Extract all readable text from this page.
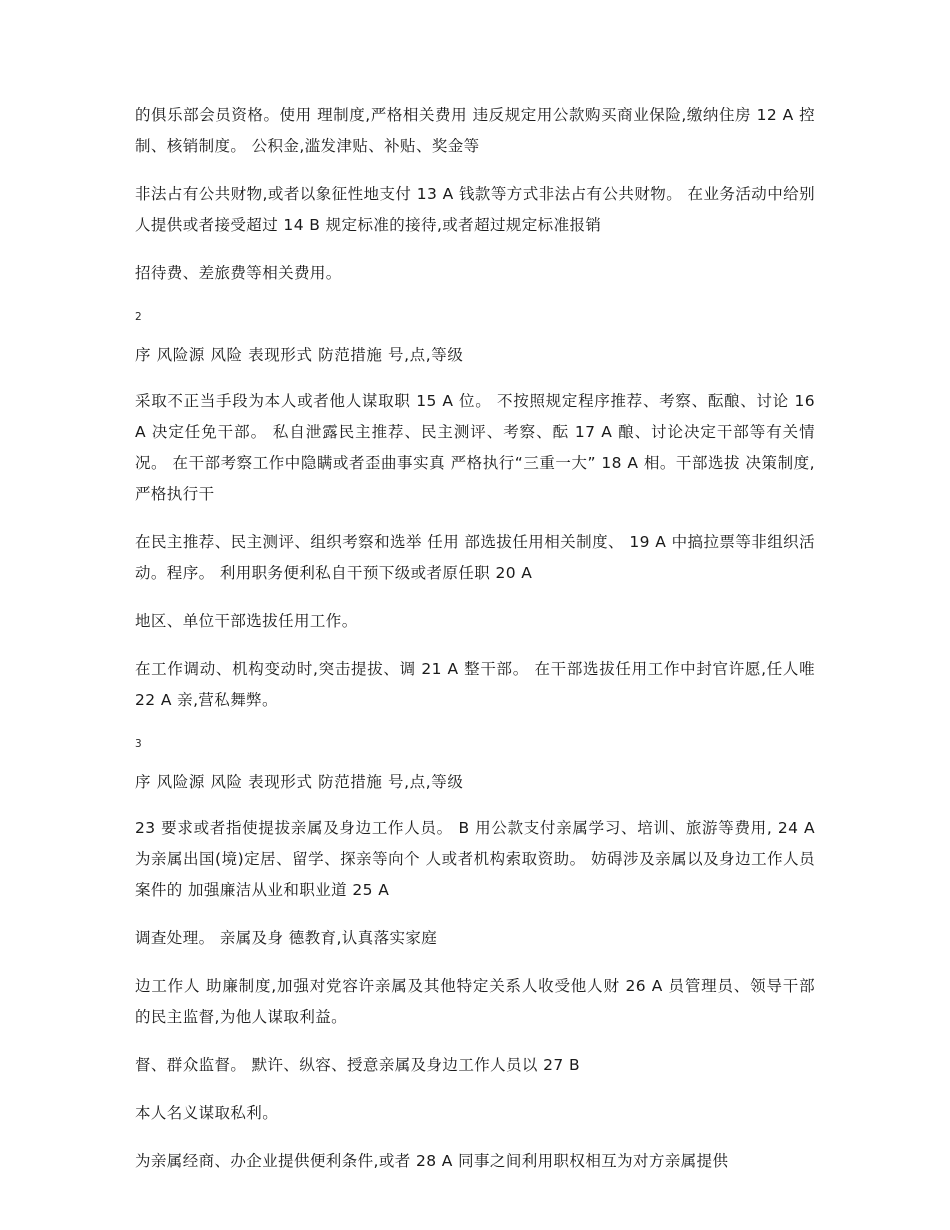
的俱乐部会员资格。使用 理制度,严格相关费用 违反规定用公款购买商业保险,缴纳住房 12 A 控制、核销制度。 公积金,滥发津贴、补贴、奖金等

非法占有公共财物,或者以象征性地支付 13 A 钱款等方式非法占有公共财物。 在业务活动中给别人提供或者接受超过 14 B 规定标准的接待,或者超过规定标准报销

招待费、差旅费等相关费用。

2

序 风险源 风险 表现形式 防范措施 号,点,等级

采取不正当手段为本人或者他人谋取职 15 A 位。 不按照规定程序推荐、考察、酝酿、讨论 16 A 决定任免干部。 私自泄露民主推荐、民主测评、考察、酝 17 A 酿、讨论决定干部等有关情况。 在干部考察工作中隐瞒或者歪曲事实真 严格执行“三重一大” 18 A 相。干部选拔 决策制度,严格执行干

在民主推荐、民主测评、组织考察和选举 任用 部选拔任用相关制度、 19 A 中搞拉票等非组织活动。程序。 利用职务便利私自干预下级或者原任职 20 A

地区、单位干部选拔任用工作。

在工作调动、机构变动时,突击提拔、调 21 A 整干部。 在干部选拔任用工作中封官许愿,任人唯 22 A 亲,营私舞弊。

3

序 风险源 风险 表现形式 防范措施 号,点,等级

23 要求或者指使提拔亲属及身边工作人员。 B 用公款支付亲属学习、培训、旅游等费用, 24 A 为亲属出国(境)定居、留学、探亲等向个 人或者机构索取资助。 妨碍涉及亲属以及身边工作人员案件的 加强廉洁从业和职业道 25 A

调查处理。 亲属及身 德教育,认真落实家庭

边工作人 助廉制度,加强对党容许亲属及其他特定关系人收受他人财 26 A 员管理员、领导干部 的民主监督,为他人谋取利益。

督、群众监督。 默许、纵容、授意亲属及身边工作人员以 27 B

本人名义谋取私利。

为亲属经商、办企业提供便利条件,或者 28 A 同事之间利用职权相互为对方亲属提供
